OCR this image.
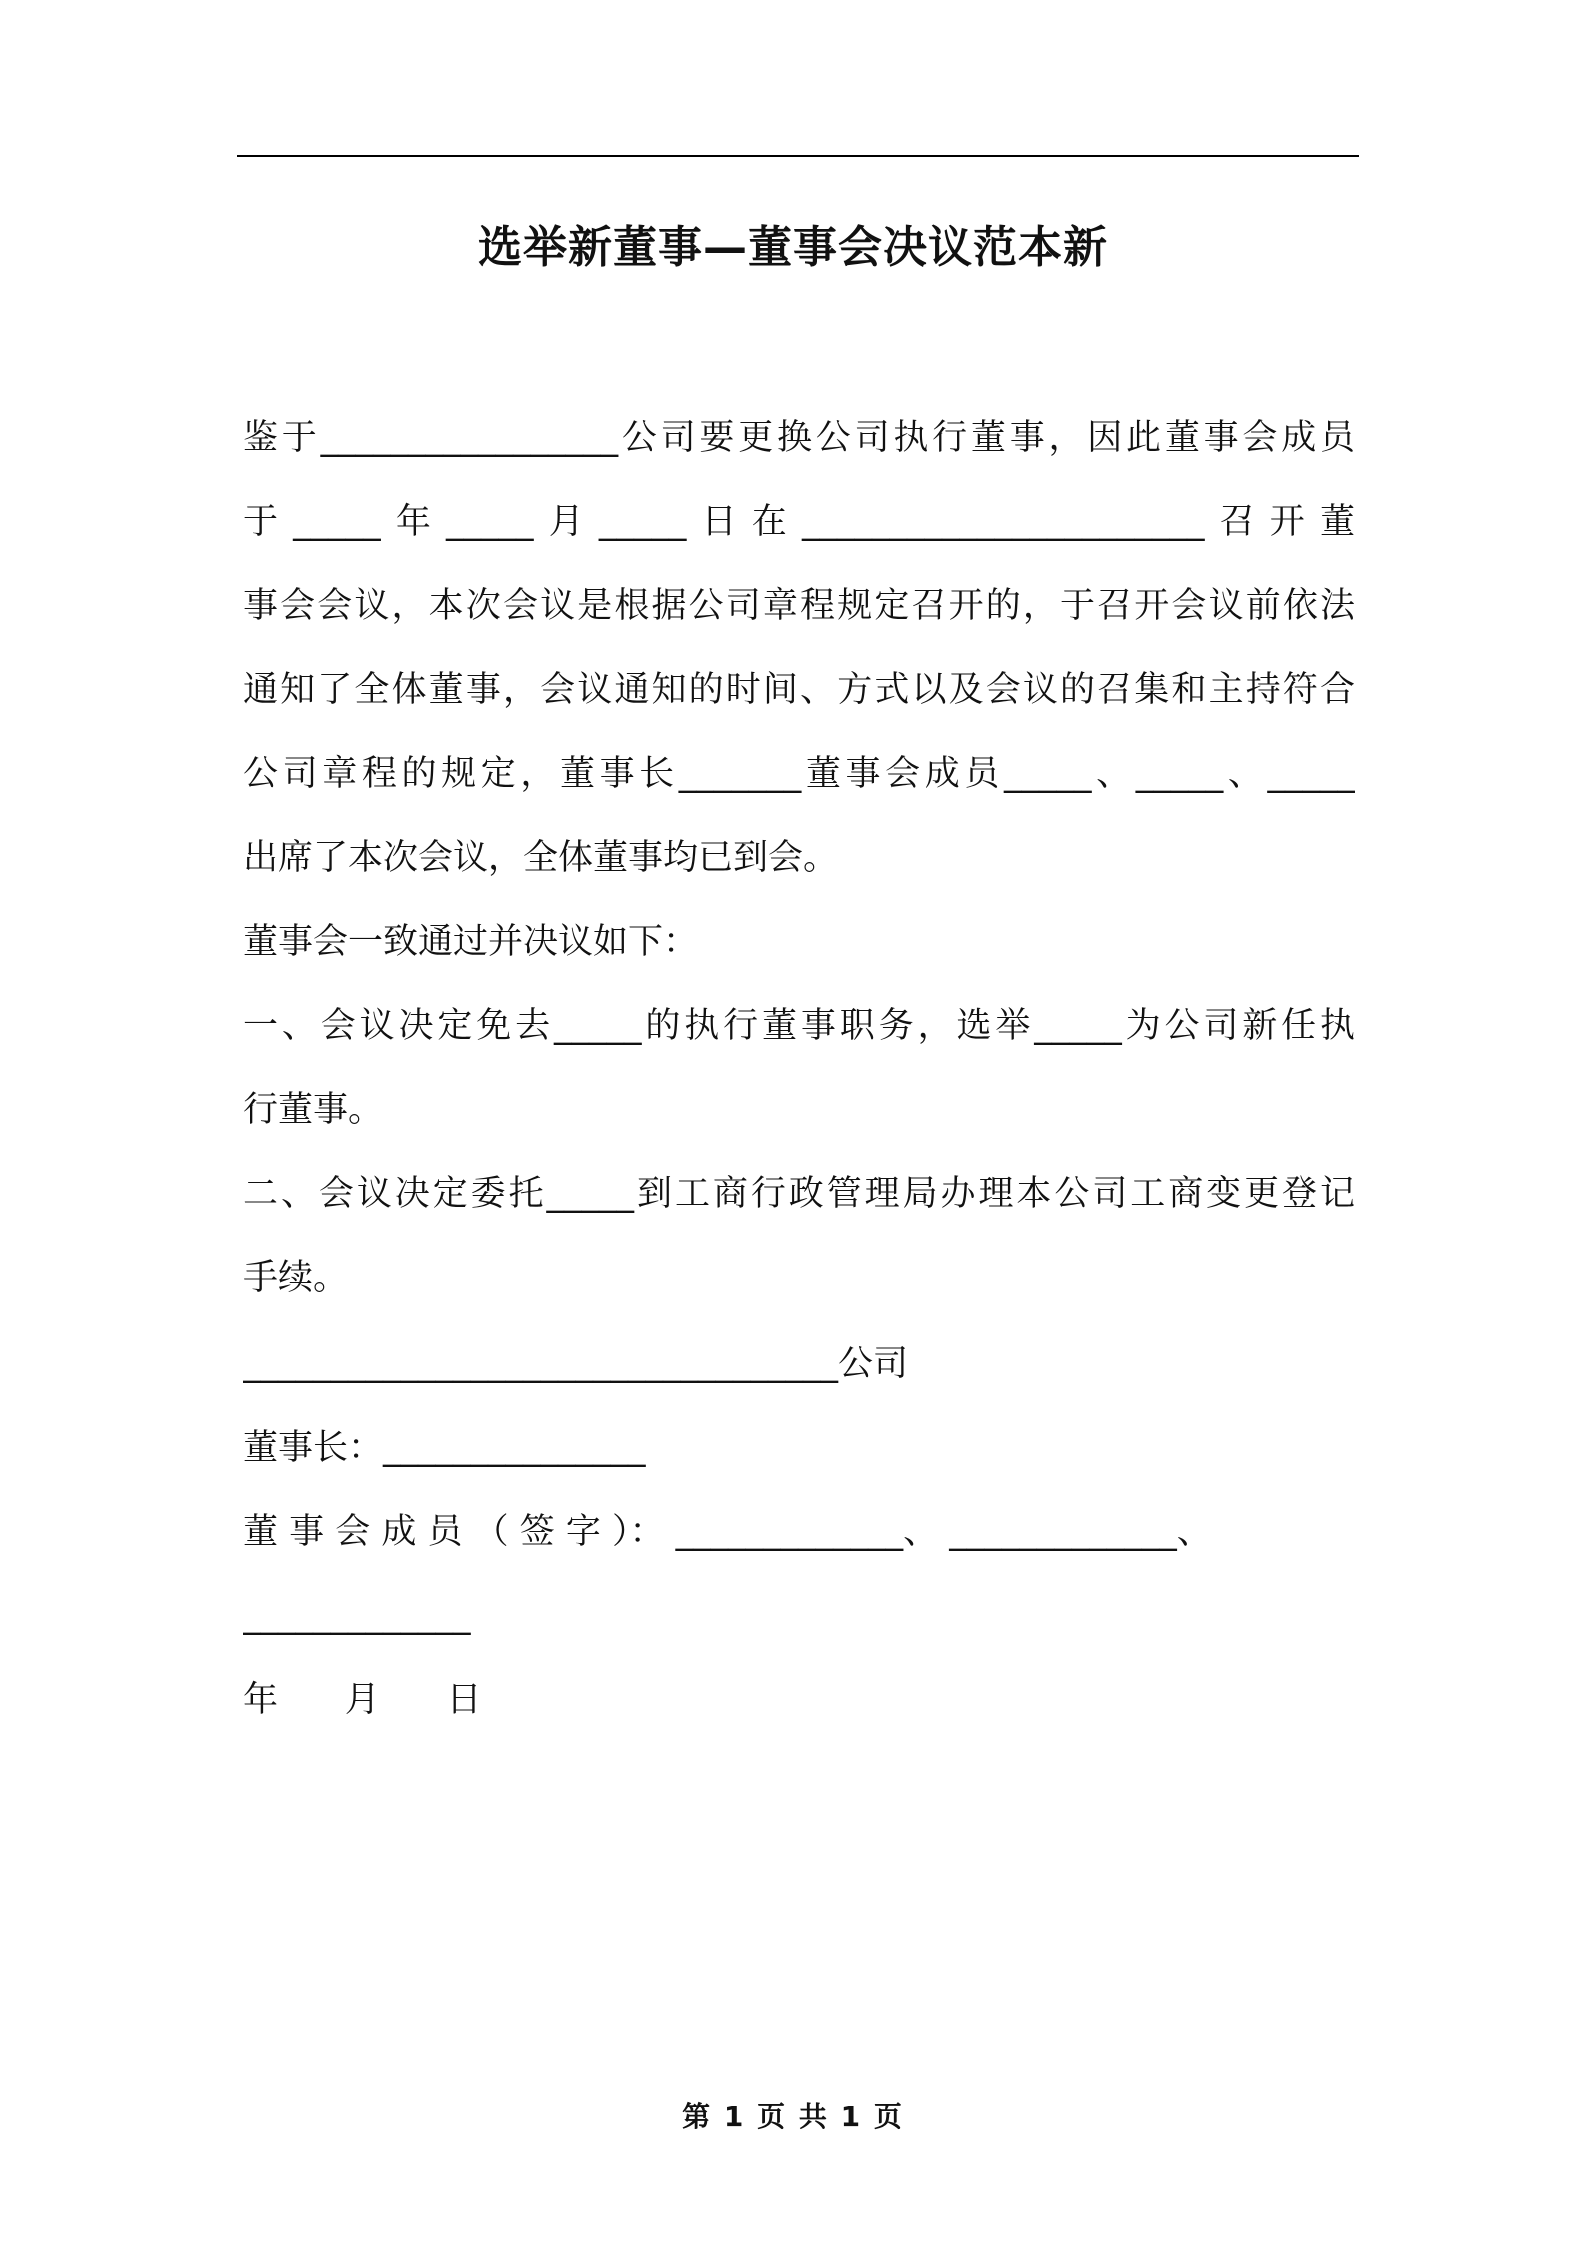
选举新董事—董事会决议范本新
鉴于_________________公司要更换公司执行董事，因此董事会成员
于_____年_____月_____日在_______________________召开董
事会会议，本次会议是根据公司章程规定召开的，于召开会议前依法
通知了全体董事，会议通知的时间、方式以及会议的召集和主持符合
公司章程的规定，董事长_______董事会成员_____、_____、_____
出席了本次会议，全体董事均已到会。
董事会一致通过并决议如下：
一、会议决定免去_____的执行董事职务，选举_____为公司新任执
行董事。
二、会议决定委托_____到工商行政管理局办理本公司工商变更登记
手续。
__________________________________公司
董事长：_______________
董 事 会 成 员 （ 签 字 ）： _____________、 _____________、
_____________
年      月      日
第 1 页 共 1 页
